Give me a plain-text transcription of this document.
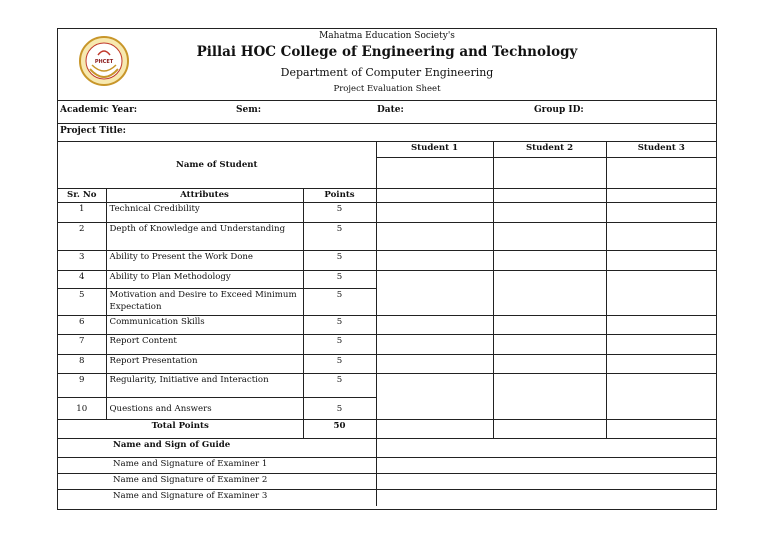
PHCET
Mahatma Education Society's
Pillai HOC College of Engineering and Technology
Department of Computer Engineering
Project Evaluation Sheet
Academic Year:	Sem:	Date:	Group ID:
Project Title:
Name of Student			Student 1	Student 2	Student 3

Sr. No	Attributes	Points			
1	Technical Credibility	5			
2	Depth of Knowledge and Understanding	5			
3	Ability to Present the Work Done	5			
4	Ability to Plan Methodology	5			
5	Motivation and Desire to Exceed Minimum Expectation	5			
6	Communication Skills	5			
7	Report Content	5			
8	Report Presentation	5			
9	Regularity, Initiative and Interaction	5			
10	Questions and Answers	5			
Total Points		50			
Name and Sign of Guide					
Name and Signature of Examiner 1					
Name and Signature of Examiner 2					
Name and Signature of Examiner 3					
